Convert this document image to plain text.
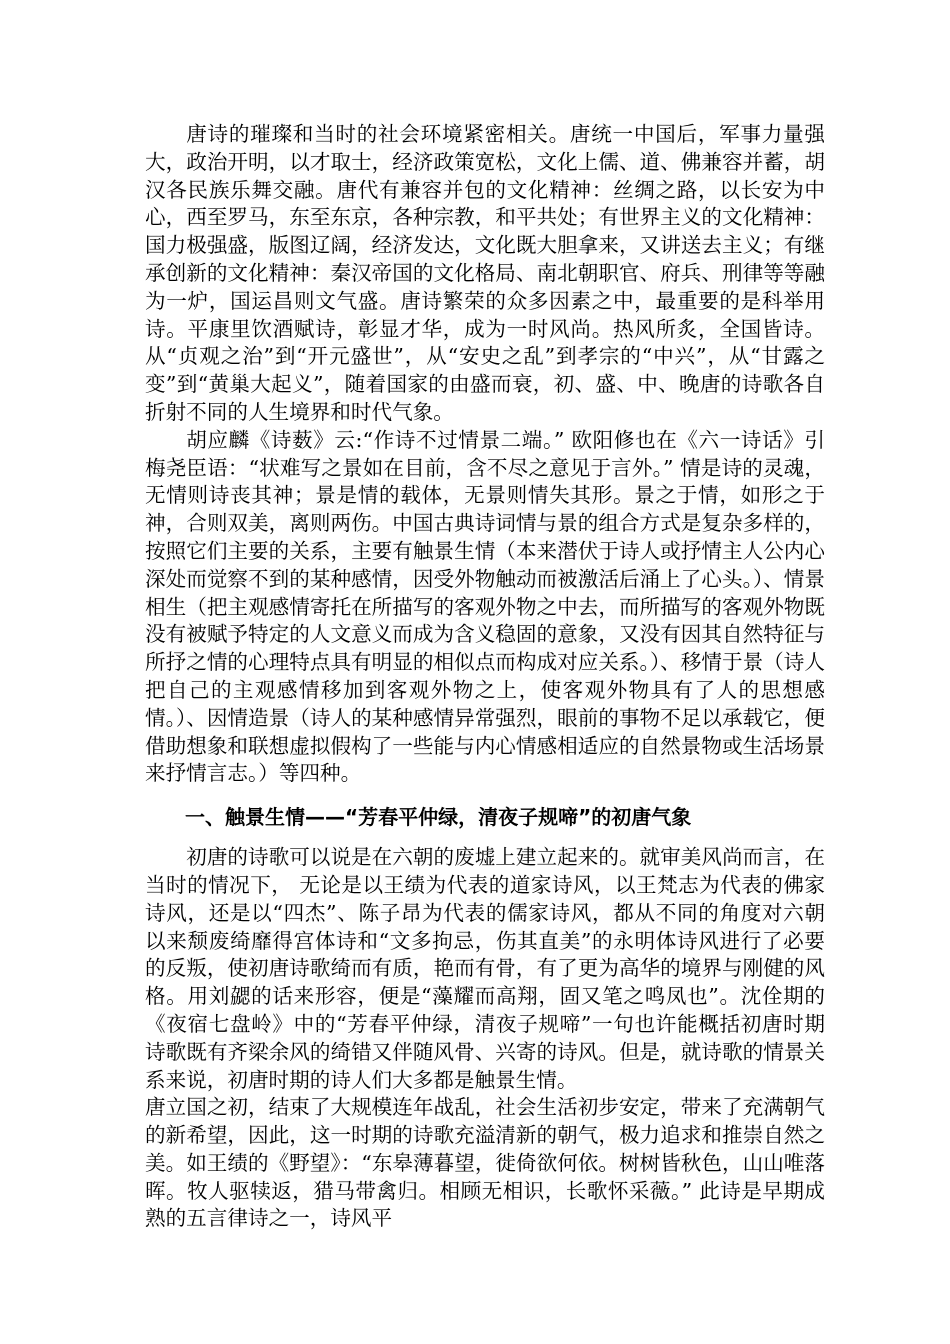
唐诗的璀璨和当时的社会环境紧密相关。唐统一中国后，军事力量强大，政治开明，以才取士，经济政策宽松，文化上儒、道、佛兼容并蓄，胡汉各民族乐舞交融。唐代有兼容并包的文化精神：丝绸之路，以长安为中心，西至罗马，东至东京，各种宗教，和平共处；有世界主义的文化精神：国力极强盛，版图辽阔，经济发达，文化既大胆拿来，又讲送去主义；有继承创新的文化精神：秦汉帝国的文化格局、南北朝职官、府兵、刑律等等融为一炉，国运昌则文气盛。唐诗繁荣的众多因素之中，最重要的是科举用诗。平康里饮酒赋诗，彰显才华，成为一时风尚。热风所炙，全国皆诗。从“贞观之治”到“开元盛世”，从“安史之乱”到孝宗的“中兴”，从“甘露之变”到“黄巢大起义”，随着国家的由盛而衰，初、盛、中、晚唐的诗歌各自折射不同的人生境界和时代气象。

胡应麟《诗薮》云:“作诗不过情景二端。” 欧阳修也在《六一诗话》引梅尧臣语：“状难写之景如在目前，含不尽之意见于言外。” 情是诗的灵魂，无情则诗丧其神；景是情的载体，无景则情失其形。景之于情，如形之于神，合则双美，离则两伤。中国古典诗词情与景的组合方式是复杂多样的，按照它们主要的关系，主要有触景生情（本来潜伏于诗人或抒情主人公内心深处而觉察不到的某种感情，因受外物触动而被激活后涌上了心头。）、情景相生（把主观感情寄托在所描写的客观外物之中去，而所描写的客观外物既没有被赋予特定的人文意义而成为含义稳固的意象，又没有因其自然特征与所抒之情的心理特点具有明显的相似点而构成对应关系。）、移情于景（诗人把自己的主观感情移加到客观外物之上，使客观外物具有了人的思想感情。）、因情造景（诗人的某种感情异常强烈，眼前的事物不足以承载它，便借助想象和联想虚拟假构了一些能与内心情感相适应的自然景物或生活场景来抒情言志。）等四种。

一、触景生情——“芳春平仲绿，清夜子规啼”的初唐气象

初唐的诗歌可以说是在六朝的废墟上建立起来的。就审美风尚而言，在当时的情况下， 无论是以王绩为代表的道家诗风，以王梵志为代表的佛家诗风，还是以“四杰”、陈子昂为代表的儒家诗风，都从不同的角度对六朝以来颓废绮靡得宫体诗和“文多拘忌，伤其直美”的永明体诗风进行了必要的反叛，使初唐诗歌绮而有质，艳而有骨，有了更为高华的境界与刚健的风格。用刘勰的话来形容，便是“藻耀而高翔，固又笔之鸣凤也”。沈佺期的《夜宿七盘岭》中的“芳春平仲绿，清夜子规啼”一句也许能概括初唐时期诗歌既有齐梁余风的绮错又伴随风骨、兴寄的诗风。但是，就诗歌的情景关系来说，初唐时期的诗人们大多都是触景生情。

唐立国之初，结束了大规模连年战乱，社会生活初步安定，带来了充满朝气的新希望，因此，这一时期的诗歌充溢清新的朝气，极力追求和推崇自然之美。如王绩的《野望》：“东皋薄暮望，徙倚欲何依。树树皆秋色，山山唯落晖。牧人驱犊返，猎马带禽归。相顾无相识，长歌怀采薇。” 此诗是早期成熟的五言律诗之一，诗风平
